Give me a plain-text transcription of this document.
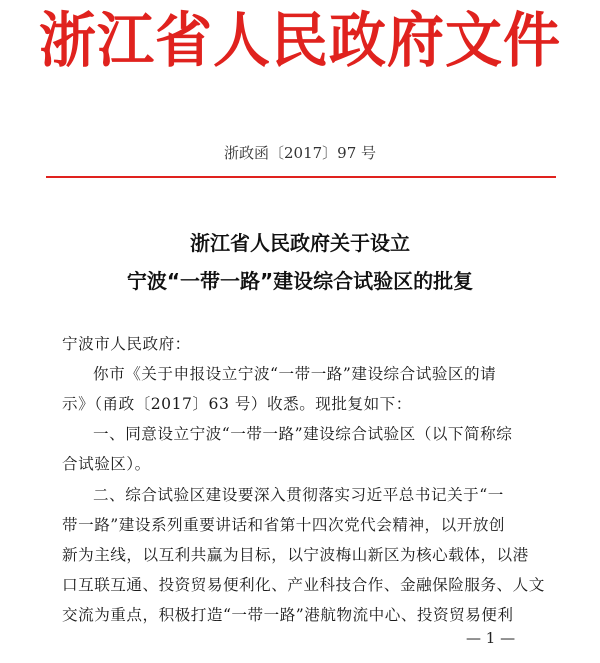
浙江省人民政府文件
浙政函〔2017〕97 号
浙江省人民政府关于设立
宁波“一带一路”建设综合试验区的批复
宁波市人民政府：
你市《关于申报设立宁波“一带一路”建设综合试验区的请
示》（甬政〔2017〕63 号）收悉。现批复如下：
一、同意设立宁波“一带一路”建设综合试验区（以下简称综
合试验区）。
二、综合试验区建设要深入贯彻落实习近平总书记关于“一
带一路”建设系列重要讲话和省第十四次党代会精神，以开放创
新为主线，以互利共赢为目标，以宁波梅山新区为核心载体，以港
口互联互通、投资贸易便利化、产业科技合作、金融保险服务、人文
交流为重点，积极打造“一带一路”港航物流中心、投资贸易便利
— 1 —
